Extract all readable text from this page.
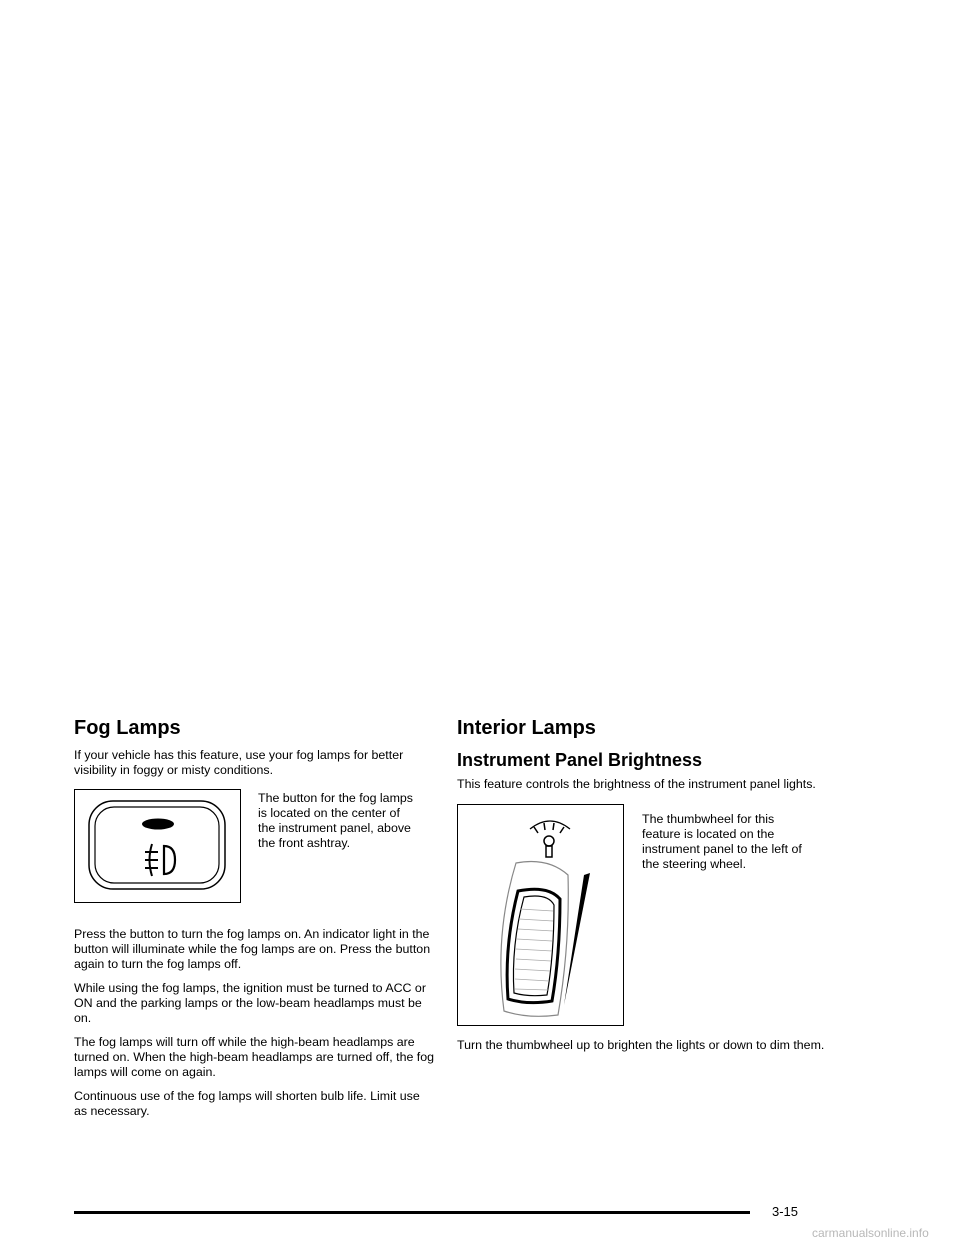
Fog Lamps

If your vehicle has this feature, use your fog lamps for better visibility in foggy or misty conditions.

The button for the fog lamps is located on the center of the instrument panel, above the front ashtray.

Press the button to turn the fog lamps on. An indicator light in the button will illuminate while the fog lamps are on. Press the button again to turn the fog lamps off.

While using the fog lamps, the ignition must be turned to ACC or ON and the parking lamps or the low-beam headlamps must be on.

The fog lamps will turn off while the high-beam headlamps are turned on. When the high-beam headlamps are turned off, the fog lamps will come on again.

Continuous use of the fog lamps will shorten bulb life. Limit use as necessary.

Interior Lamps
Instrument Panel Brightness

This feature controls the brightness of the instrument panel lights.

The thumbwheel for this feature is located on the instrument panel to the left of the steering wheel.

Turn the thumbwheel up to brighten the lights or down to dim them.

3-15
carmanualsonline.info
